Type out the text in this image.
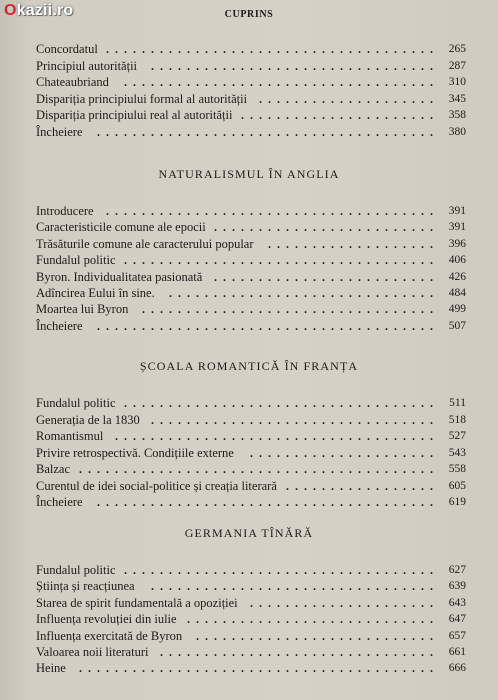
Okazii.ro	CUPRINS
Concordatul ..................................... 265
Principiul autorității	................................ 287
Chateaubriand	................................... 310
Dispariția principiului formal al autorității .................... 345
Dispariția principiului real al autorității ...................... 358
Încheiere	...................................... 380
NATURALISMUL ÎN ANGLIA
Introducere	..................................... 391
Caracteristicile comune ale epocii ......................... 391
Trăsăturile comune ale caracterului popular	................... 396
Fundalul politic ................................... 406
Byron. Individualitatea pasionată ......................... 426
Adîncirea Eului în sine.	.............................. 484
Moartea lui Byron	................................. 499
Încheiere	...................................... 507
ȘCOALA ROMANTICĂ ÎN FRANȚA
Fundalul politic ................................... 511
Generația de la 1830 ................................ 518
Romantismul .................................... 527
Privire retrospectivă. Condițiile externe	..................... 543
Balzac ........................................ 558
Curentul de idei social-politice și creația literară ................. 605
Încheiere	...................................... 619
GERMANIA TÎNĂRĂ
Fundalul politic ................................... 627
Știința și reacțiunea	................................ 639
Starea de spirit fundamentală a opoziției	..................... 643
Influența revoluției din iulie ............................ 647
Influența exercitată de Byron	........................... 657
Valoarea noii literaturi ............................... 661
Heine	........................................ 666
